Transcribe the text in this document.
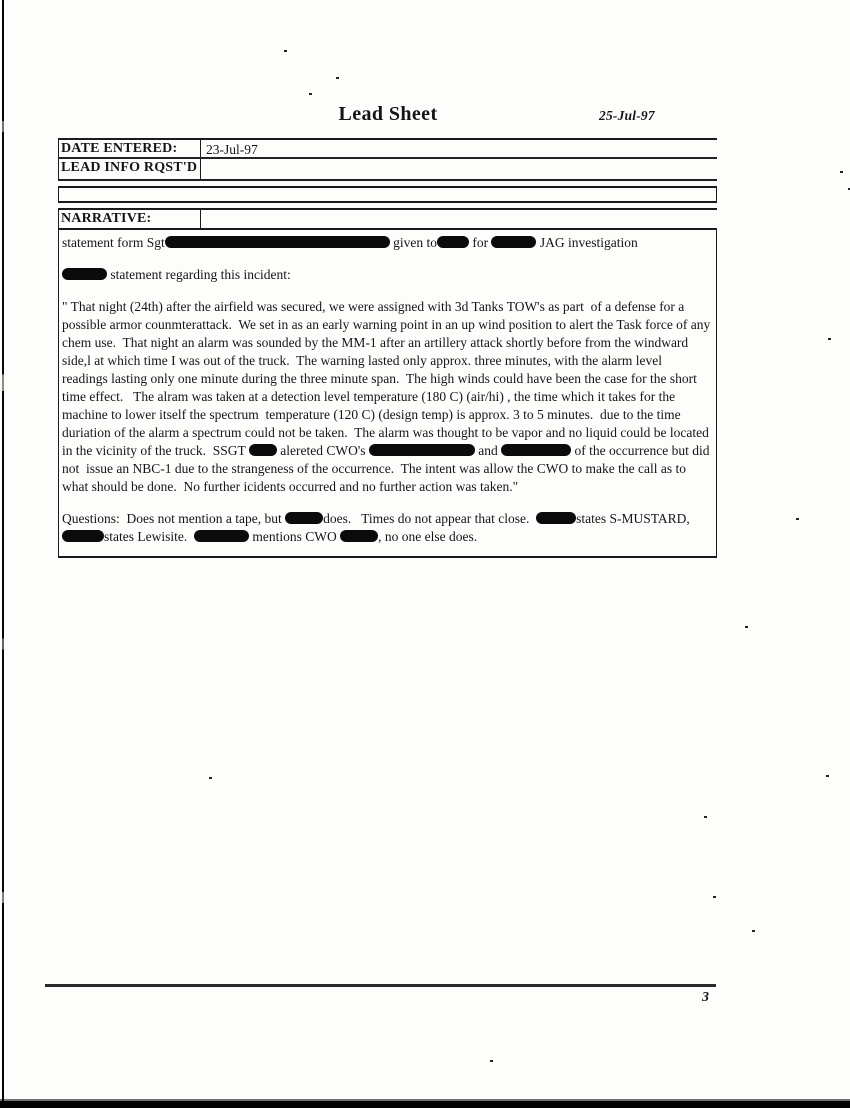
Lead Sheet	25-Jul-97
DATE ENTERED:	23-Jul-97
LEAD INFO RQST'D
NARRATIVE:
statement form Sgt	given to for	JAG investigation
statement regarding this incident:
" That night (24th) after the airfield was secured, we were assigned with 3d Tanks TOW's as part  of a defense for a possible armor counmterattack.  We set in as an early warning point in an up wind position to alert the Task force of any chem use.  That night an alarm was sounded by the MM-1 after an artillery attack shortly before from the windward side,l at which time I was out of the truck.  The warning lasted only approx. three minutes, with the alarm level readings lasting only one minute during the three minute span.  The high winds could have been the case for the short time effect.   The alram was taken at a detection level temperature (180 C) (air/hi) , the time which it takes for the machine to lower itself the spectrum  temperature (120 C) (design temp) is approx. 3 to 5 minutes.  due to the time duriation of the alarm a spectrum could not be taken.  The alarm was thought to be vapor and no liquid could be located in the vicinity of the truck.  SSGT  alereted CWO's	and	of the occurrence but did not  issue an NBC-1 due to the strangeness of the occurrence.  The intent was allow the CWO to make the call as to what should be done.  No further icidents occurred and no further action was taken."
Questions:  Does not mention a tape, but	does.   Times do not appear that close.	states S-MUSTARD, states Lewisite.	mentions CWO	, no one else does.
3
